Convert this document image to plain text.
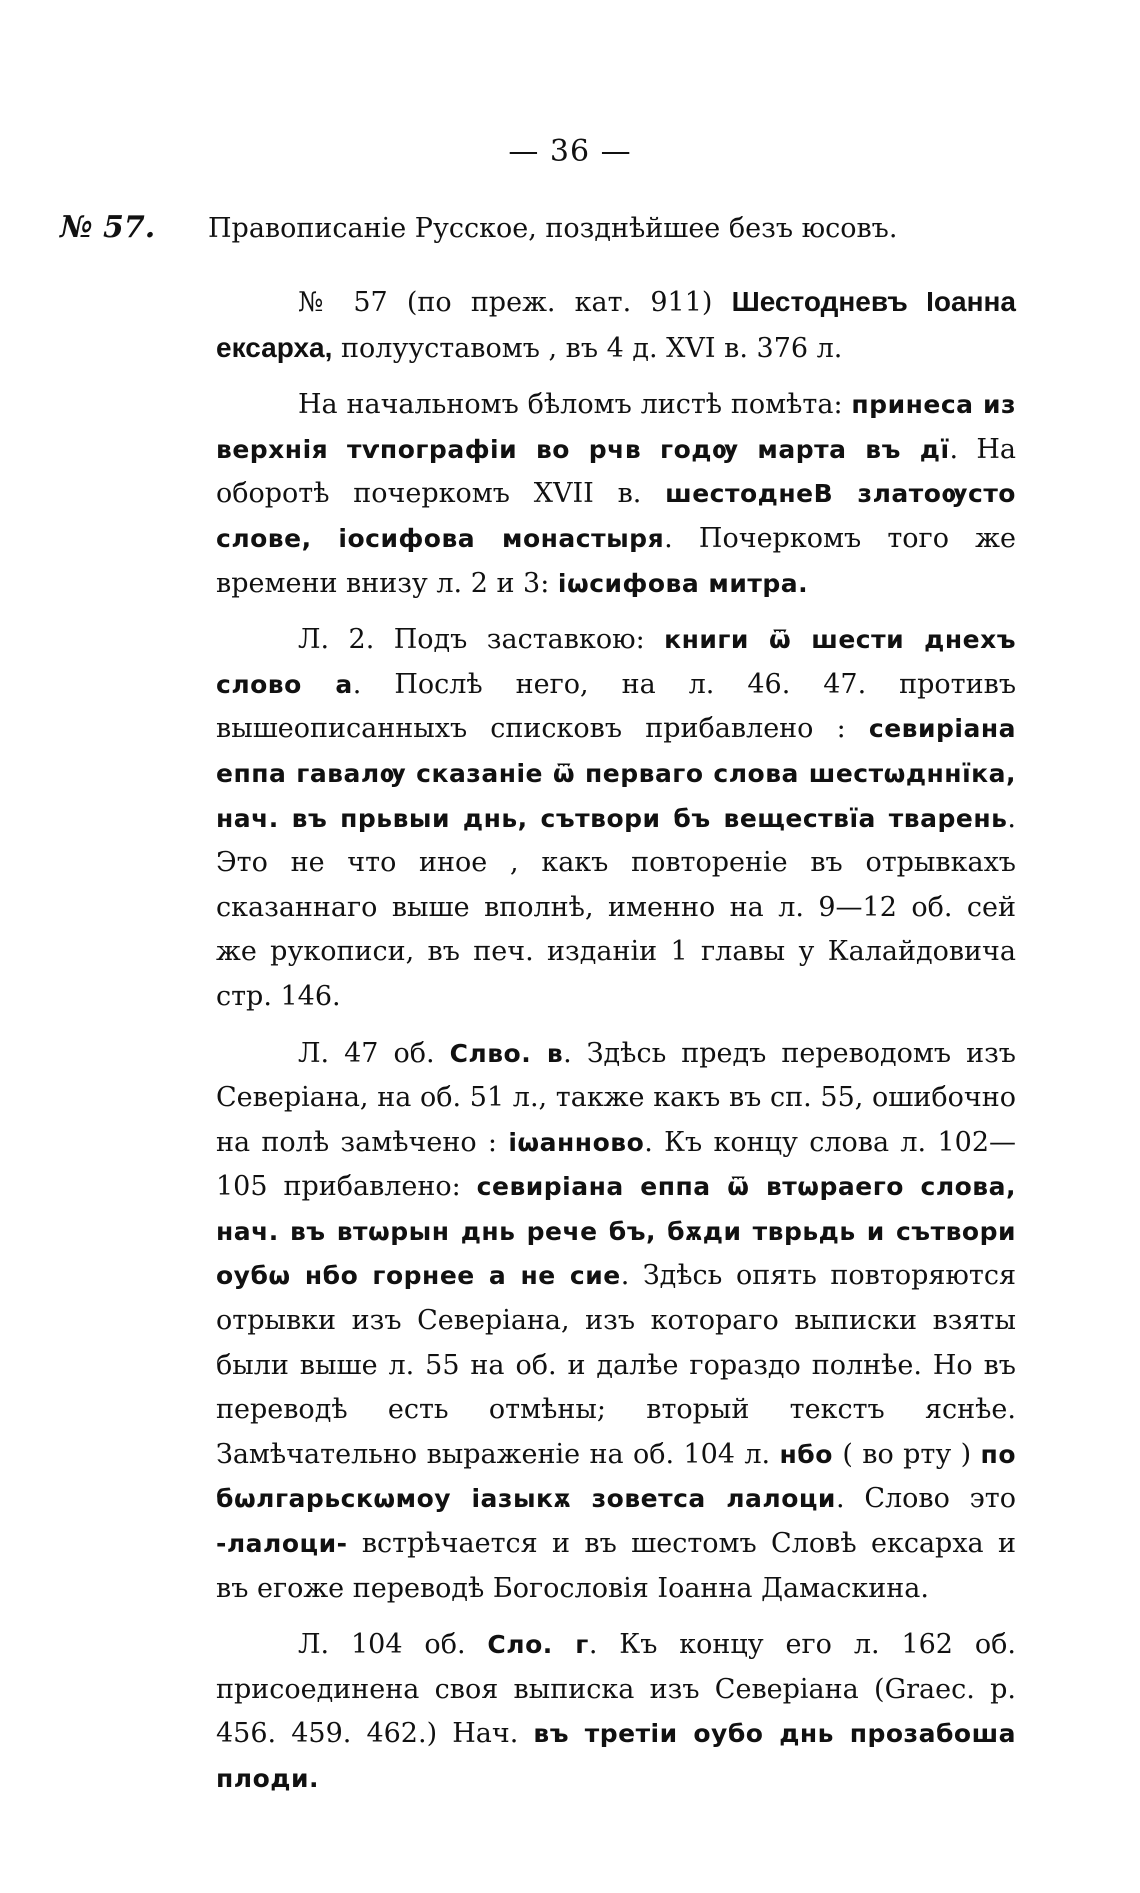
— 36 —
№ 57. Правописаніе Русское, позднѣйшее безъ юсовъ.

№ 57 (по преж. кат. 911) Шестодневъ Іоанна ексарха, полууставомъ , въ 4 д. XVI в. 376 л.

На начальномъ бѣломъ листѣ помѣта: принеса из верхнія тѵпографіи во рчв годѹ марта въ дї. На оборотѣ почеркомъ XVII в. шестоднеВ златоѹсто слове, іосифова монастыря. Почеркомъ того же времени внизу л. 2 и 3: іωсифова митра.

Л. 2. Подъ заставкою: книги ѿ шести днехъ слово а. Послѣ него, на л. 46. 47. противъ вышеописанныхъ списковъ прибавлено : севиріана еппа гавалѹ сказаніе ѿ перваго слова шестωдннїка, нач. въ прьвыи днь, сътвори бъ веществїа тварень. Это не что иное , какъ повтореніе въ отрывкахъ сказаннаго выше вполнѣ, именно на л. 9—12 об. сей же рукописи, въ печ. изданіи 1 главы у Калайдовича стр. 146.

Л. 47 об. Слво. в. Здѣсь предъ переводомъ изъ Северіана, на об. 51 л., также какъ въ сп. 55, ошибочно на полѣ замѣчено : іωанново. Къ концу слова л. 102—105 прибавлено: севиріана еппа ѿ втωраего слова, нач. въ втωрын днь рече бъ, бѫди тврьдь и сътвори оубω нбо горнее а не сие. Здѣсь опять повторяются отрывки изъ Северіана, изъ котораго выписки взяты были выше л. 55 на об. и далѣе гораздо полнѣе. Но въ переводѣ есть отмѣны; вторый текстъ яснѣе. Замѣчательно выраженіе на об. 104 л. нбо ( во рту ) по бωлгарьскωмоу іазыкѫ зоветса лалоци. Слово это -лалоци- встрѣчается и въ шестомъ Словѣ ексарха и въ егоже переводѣ Богословія Іоанна Дамаскина.

Л. 104 об. Сло. г. Къ концу его л. 162 об. присоединена своя выписка изъ Северіана (Graec. p. 456. 459. 462.) Нач. въ третіи оубо днь прозабоша плоди.
